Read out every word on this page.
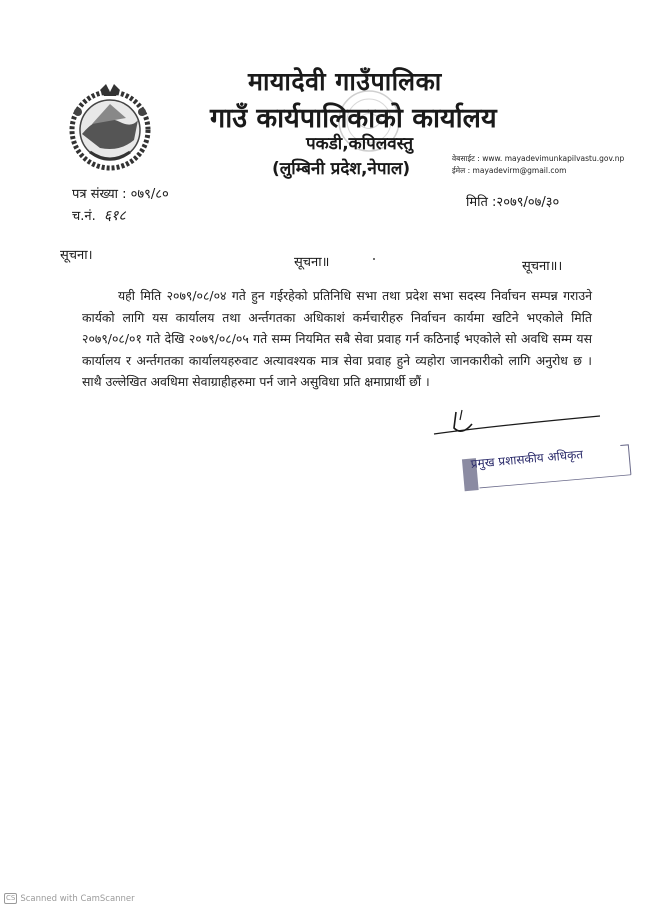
मायादेवी गाउँपालिका
गाउँ कार्यपालिकाको कार्यालय
पकडी,कपिलवस्तु
(लुम्बिनी प्रदेश,नेपाल)
वेबसाईट : www. mayadevimunkapilvastu.gov.np
ईमेल : mayadevirm@gmail.com
पत्र संख्या : ०७९/८०
च.नं. ६१८
मिति :२०७९/०७/३०
सूचना।	सूचना॥	सूचना॥।
यही मिति २०७९/०८/०४ गते हुन गईरहेको प्रतिनिधि सभा तथा प्रदेश सभा सदस्य निर्वाचन सम्पन्न गराउने कार्यको लागि यस कार्यालय तथा अर्न्तगतका अधिकाशं कर्मचारीहरु निर्वाचन कार्यमा खटिने भएकोले मिति २०७९/०८/०१ गते देखि २०७९/०८/०५ गते सम्म नियमित सबै सेवा प्रवाह गर्न कठिनाई भएकोले सो अवधि सम्म यस कार्यालय र अर्न्तगतका कार्यालयहरुवाट अत्यावश्यक मात्र सेवा प्रवाह हुने व्यहोरा जानकारीको लागि अनुरोध छ । साथै उल्लेखित अवधिमा सेवाग्राहीहरुमा पर्न जाने असुविधा प्रति क्षमाप्रार्थी छौं ।
प्रमुख प्रशासकीय अधिकृत
CS Scanned with CamScanner
